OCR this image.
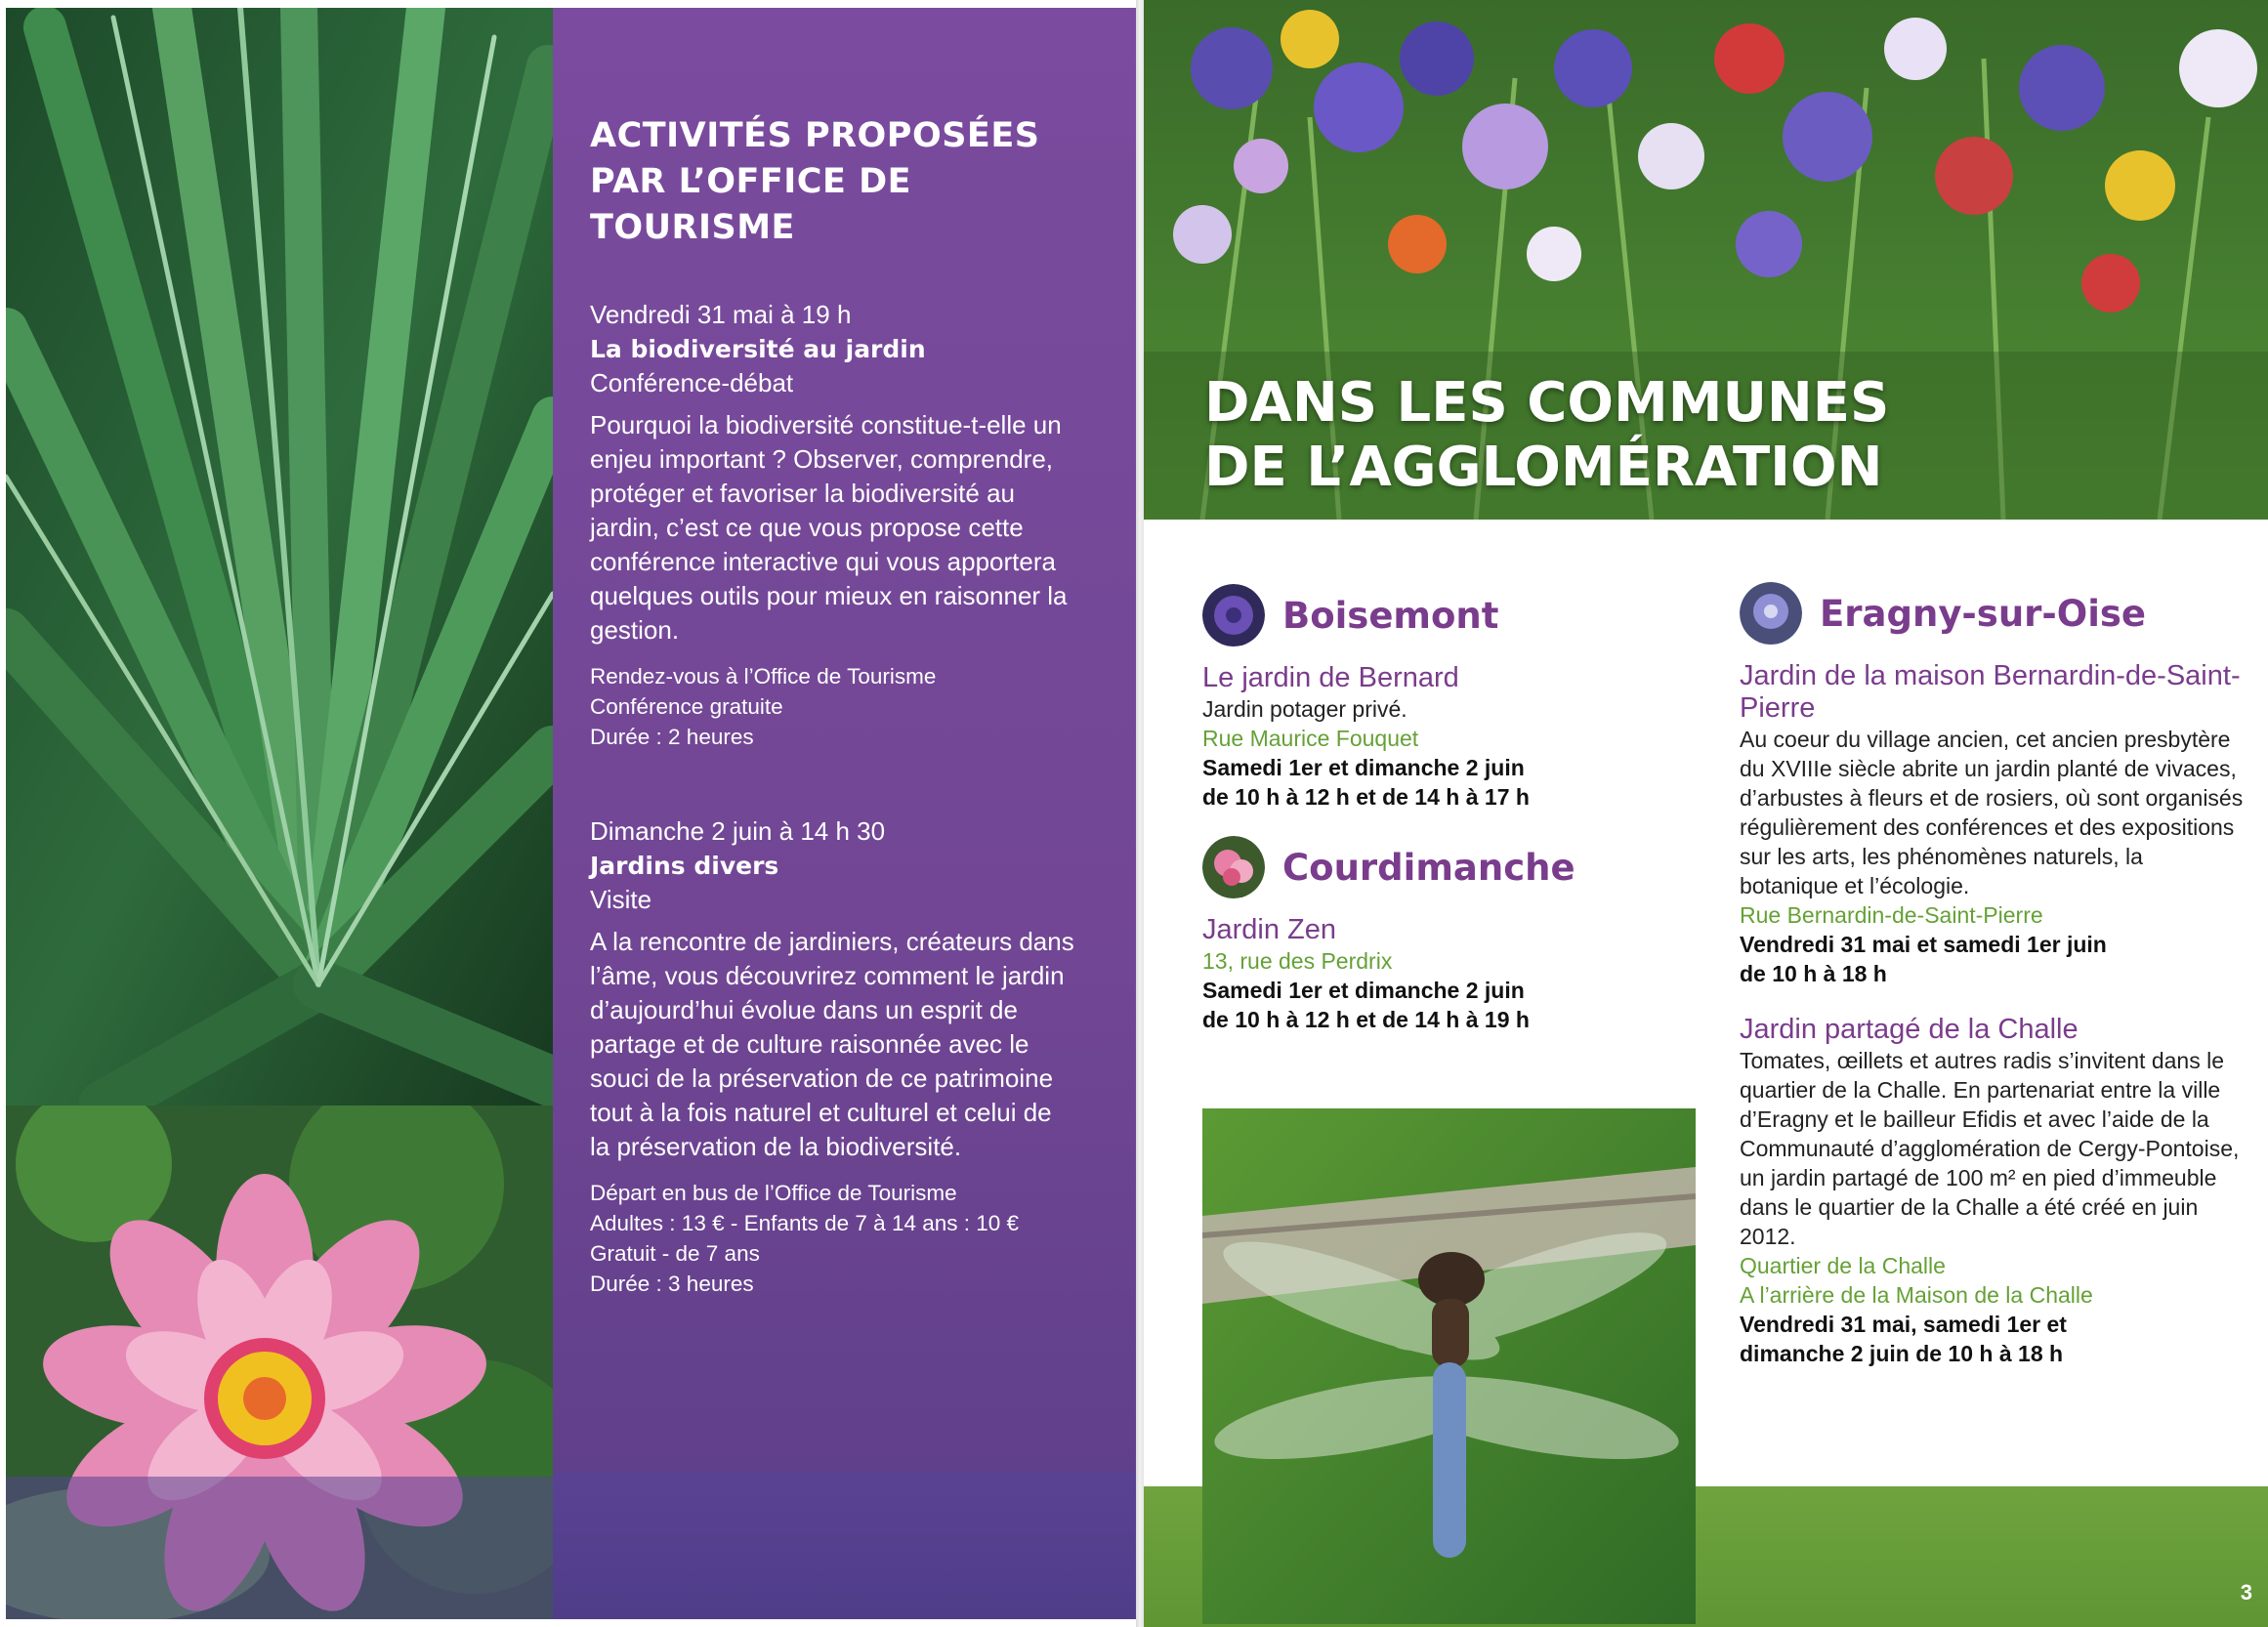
ACTIVITÉS PROPOSÉES PAR L’OFFICE DE TOURISME
Vendredi 31 mai à 19 h
La biodiversité au jardin
Conférence-débat
Pourquoi la biodiversité constitue-t-elle un enjeu important ? Observer, comprendre, protéger et favoriser la biodiversité au jardin, c’est ce que vous propose cette conférence interactive qui vous apportera quelques outils pour mieux en raisonner la gestion.
Rendez-vous à l’Office de Tourisme
Conférence gratuite
Durée : 2 heures
Dimanche 2 juin à 14 h 30
Jardins divers
Visite
A la rencontre de jardiniers, créateurs dans l’âme, vous découvrirez comment le jardin d’aujourd’hui évolue dans un esprit de partage et de culture raisonnée avec le souci de la préservation de ce patrimoine tout à la fois naturel et culturel et celui de la préservation de la biodiversité.
Départ en bus de l’Office de Tourisme
Adultes : 13 € - Enfants de 7 à 14 ans : 10 €
Gratuit - de 7 ans
Durée : 3 heures
DANS LES COMMUNES
DE L’AGGLOMÉRATION
Boisemont
Le jardin de Bernard
Jardin potager privé.
Rue Maurice Fouquet
Samedi 1er et dimanche 2 juin
de 10 h à 12 h et de 14 h à 17 h
Courdimanche
Jardin Zen
13, rue des Perdrix
Samedi 1er et dimanche 2 juin
de 10 h à 12 h et de 14 h à 19 h
Eragny-sur-Oise
Jardin de la maison Bernardin-de-Saint-Pierre
Au coeur du village ancien, cet ancien presbytère du XVIIIe siècle abrite un jardin planté de vivaces, d’arbustes à fleurs et de rosiers, où sont organisés régulièrement des conférences et des expositions sur les arts, les phénomènes naturels, la botanique et l’écologie.
Rue Bernardin-de-Saint-Pierre
Vendredi 31 mai et samedi 1er juin
de 10 h à 18 h
Jardin partagé de la Challe
Tomates, œillets et autres radis s’invitent dans le quartier de la Challe. En partenariat entre la ville d’Eragny et le bailleur Efidis et avec l’aide de la Communauté d’agglomération de Cergy-Pontoise, un jardin partagé de 100 m² en pied d’immeuble dans le quartier de la Challe a été créé en juin 2012.
Quartier de la Challe
A l’arrière de la Maison de la Challe
Vendredi 31 mai, samedi 1er et
dimanche 2 juin de 10 h à 18 h
3
